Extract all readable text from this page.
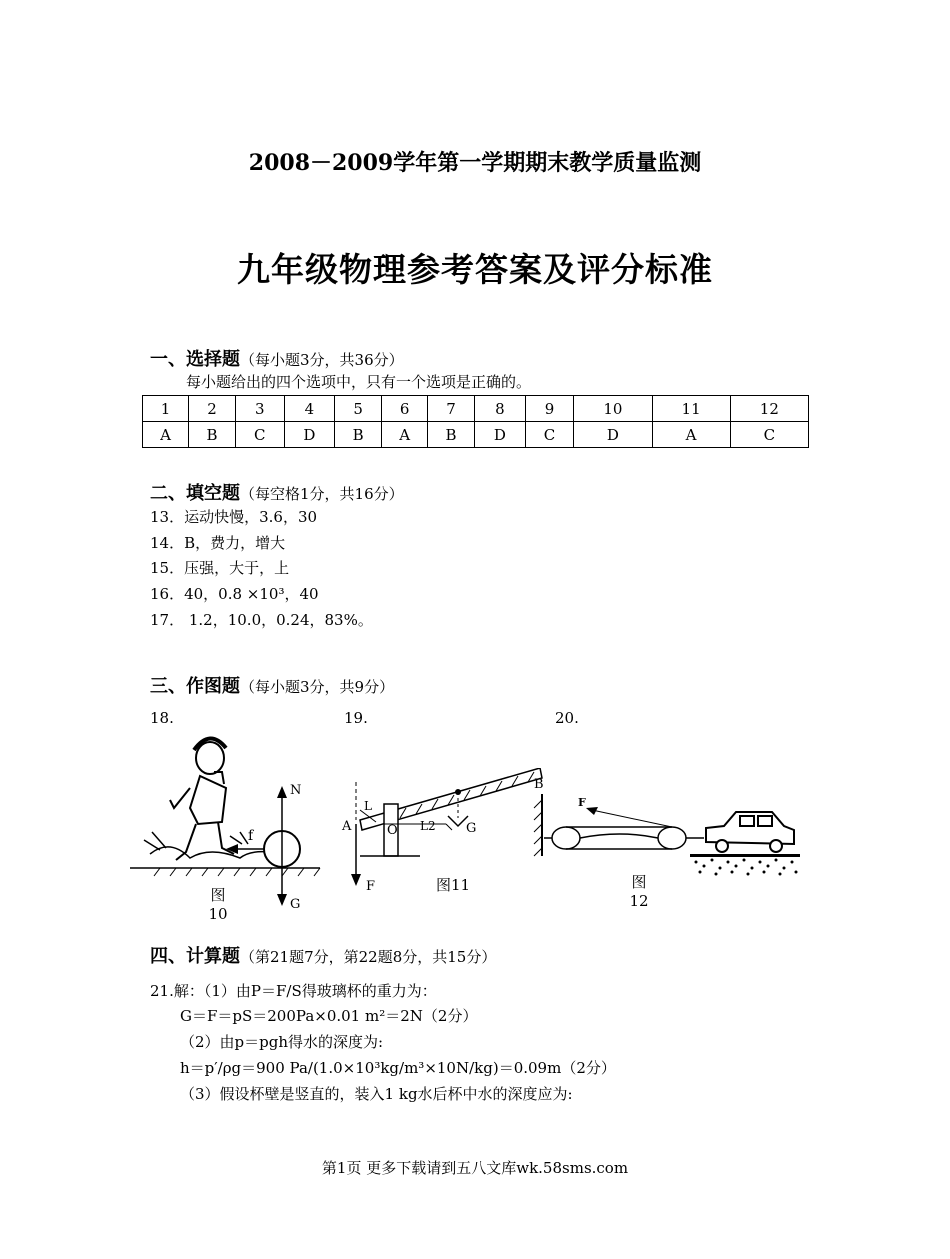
2008－2009学年第一学期期末教学质量监测
九年级物理参考答案及评分标准
一、选择题（每小题3分，共36分）
每小题给出的四个选项中，只有一个选项是正确的。
1	2	3	4	5	6	7	8	9	10	11	12
A	B	C	D	B	A	B	D	C	D	A	C
二、填空题（每空格1分，共16分）
13．运动快慢，3.6，30
14．B，费力，增大
15．压强，大于，上
16．40，0.8 ×10³，40
17． 1.2，10.0，0.24，83%。
三、作图题（每小题3分，共9分）
18.	19.	20.
N
f
G
图
10
A
B
O
L
L2 G
F	图11
F
图
12
四、计算题（第21题7分，第22题8分，共15分）
21.解：（1）由P＝F/S得玻璃杯的重力为：
G＝F＝pS＝200Pa×0.01 m²＝2N（2分）
（2）由p＝pgh得水的深度为:
h＝p′/ρg＝900 Pa/(1.0×10³kg/m³×10N/kg)＝0.09m（2分）
（3）假设杯壁是竖直的，装入1 kg水后杯中水的深度应为:
第1页 更多下载请到五八文库wk.58sms.com
